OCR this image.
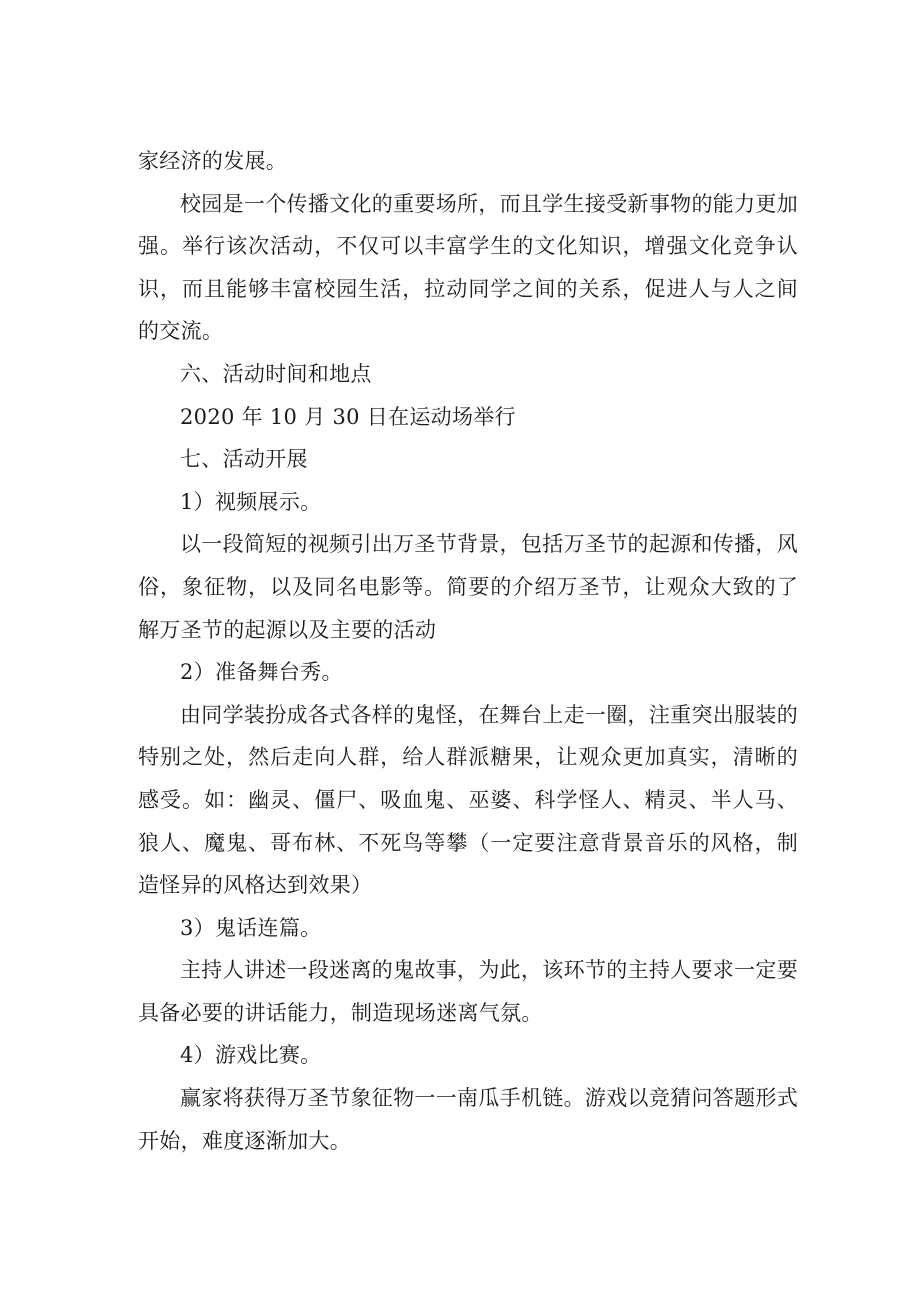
家经济的发展。

校园是一个传播文化的重要场所，而且学生接受新事物的能力更加强。举行该次活动，不仅可以丰富学生的文化知识，增强文化竞争认识，而且能够丰富校园生活，拉动同学之间的关系，促进人与人之间的交流。

六、活动时间和地点

2020 年 10 月 30 日在运动场举行

七、活动开展

1）视频展示。

以一段简短的视频引出万圣节背景，包括万圣节的起源和传播，风俗，象征物，以及同名电影等。简要的介绍万圣节，让观众大致的了解万圣节的起源以及主要的活动

2）准备舞台秀。

由同学装扮成各式各样的鬼怪，在舞台上走一圈，注重突出服装的特别之处，然后走向人群，给人群派糖果，让观众更加真实，清晰的感受。如：幽灵、僵尸、吸血鬼、巫婆、科学怪人、精灵、半人马、狼人、魔鬼、哥布林、不死鸟等攀（一定要注意背景音乐的风格，制造怪异的风格达到效果）

3）鬼话连篇。

主持人讲述一段迷离的鬼故事，为此，该环节的主持人要求一定要具备必要的讲话能力，制造现场迷离气氛。

4）游戏比赛。

赢家将获得万圣节象征物一一南瓜手机链。游戏以竞猜问答题形式开始，难度逐渐加大。
